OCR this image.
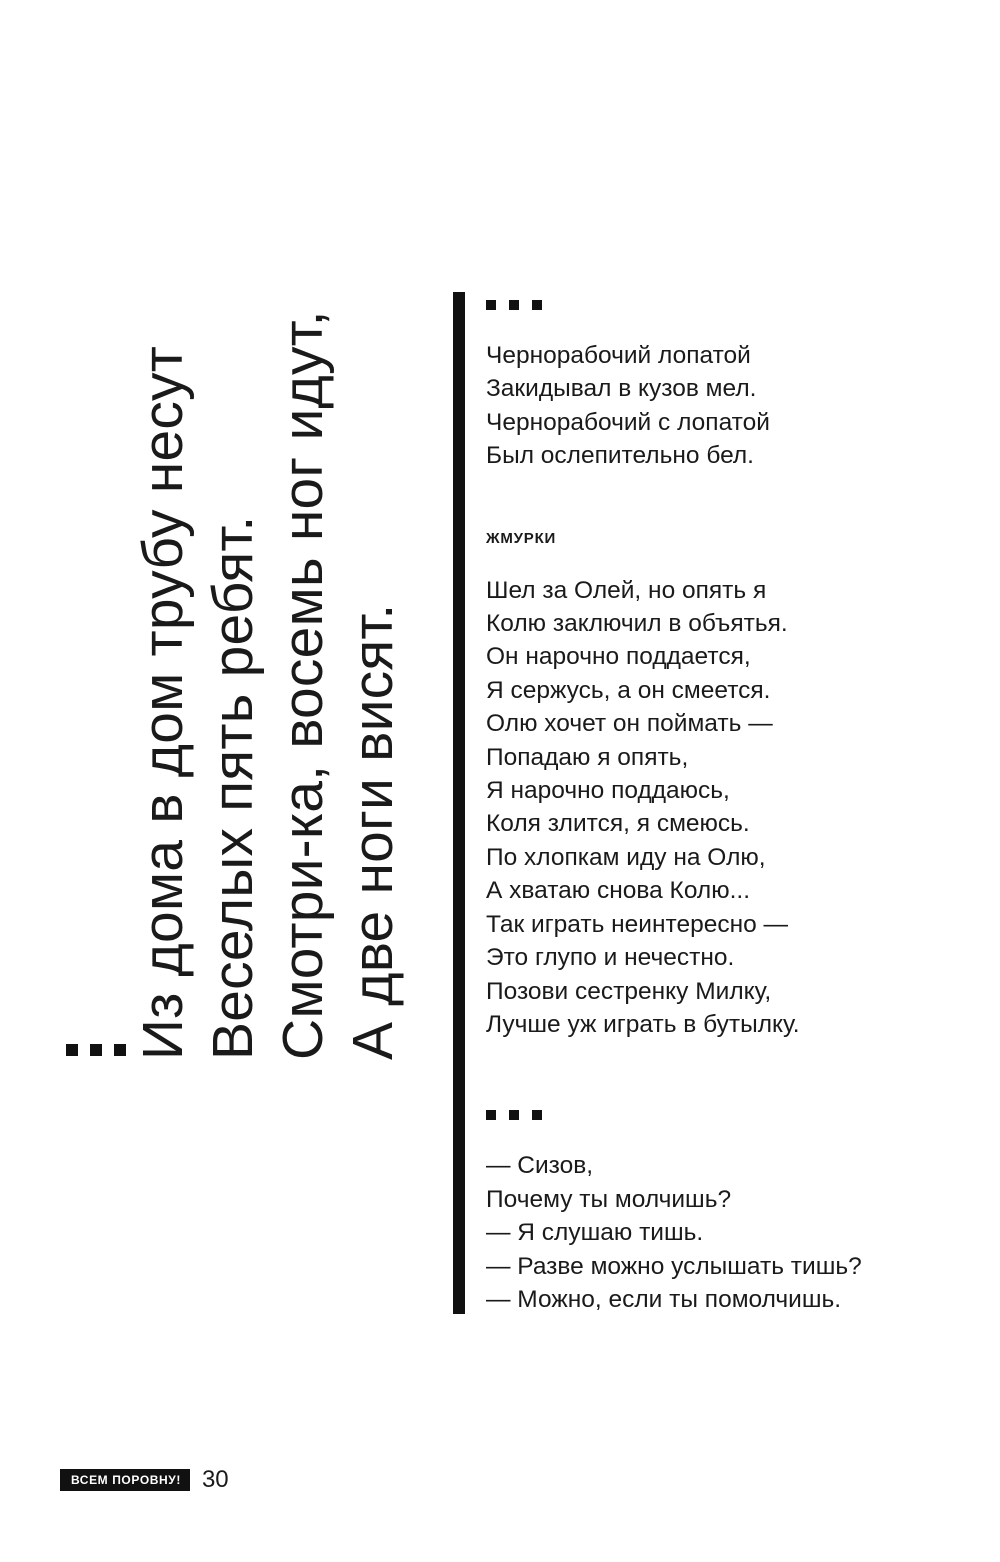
Из дома в дом трубу несут Веселых пять ребят. Смотри-ка, восемь ног идут, А две ноги висят.
Чернорабочий лопатой
Закидывал в кузов мел.
Чернорабочий с лопатой
Был ослепительно бел.
ЖМУРКИ
Шел за Олей, но опять я
Колю заключил в объятья.
Он нарочно поддается,
Я сержусь, а он смеется.
Олю хочет он поймать —
Попадаю я опять,
Я нарочно поддаюсь,
Коля злится, я смеюсь.
По хлопкам иду на Олю,
А хватаю снова Колю...
Так играть неинтересно —
Это глупо и нечестно.
Позови сестренку Милку,
Лучше уж играть в бутылку.
— Сизов,
Почему ты молчишь?
— Я слушаю тишь.
— Разве можно услышать тишь?
— Можно, если ты помолчишь.
ВСЕМ ПОРОВНУ! 30
